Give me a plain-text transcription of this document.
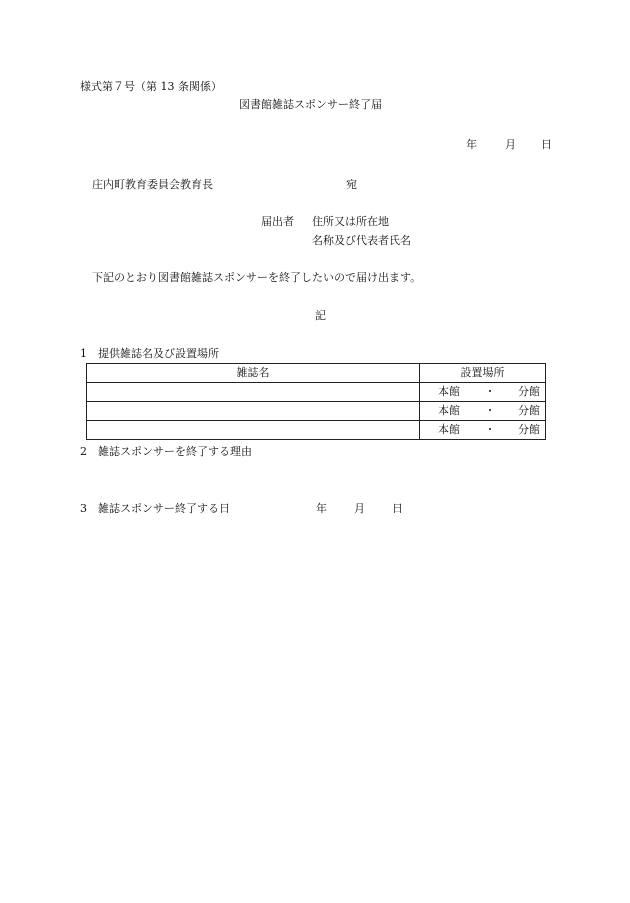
様式第７号（第 13 条関係）
図書館雑誌スポンサー終了届
年	月 日
庄内町教育委員会教育長	宛
届出者 住所又は所在地
名称及び代表者氏名
下記のとおり図書館雑誌スポンサーを終了したいので届け出ます。
記
1　提供雑誌名及び設置場所
雑誌名	設置場所
	本館 ・ 分館
	本館 ・ 分館
	本館 ・ 分館
2　雑誌スポンサーを終了する理由
3　雑誌スポンサー終了する日	年 月 日
